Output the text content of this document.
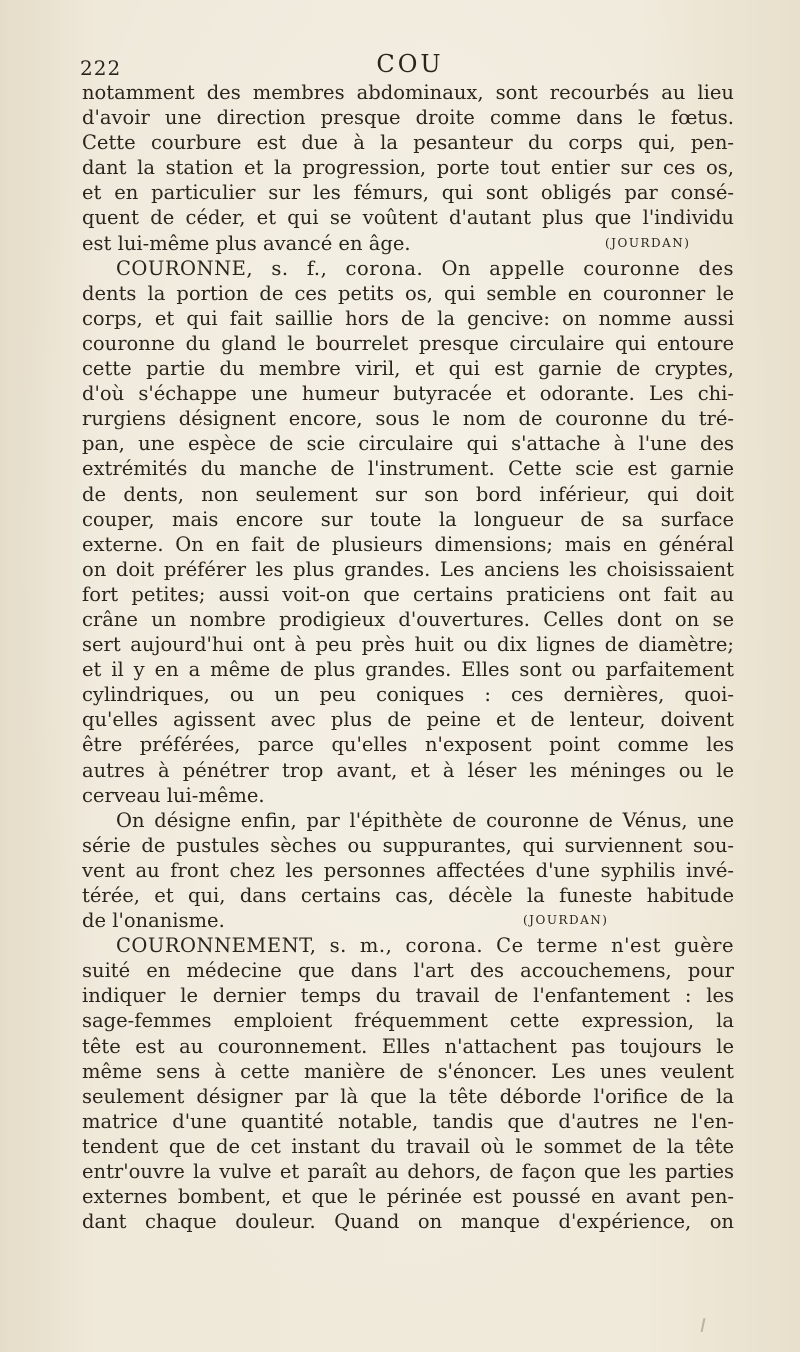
222	COU
notamment des membres abdominaux, sont recourbés au lieu
d'avoir une direction presque droite comme dans le fœtus.
Cette courbure est due à la pesanteur du corps qui, pen-
dant la station et la progression, porte tout entier sur ces os,
et en particulier sur les fémurs, qui sont obligés par consé-
quent de céder, et qui se voûtent d'autant plus que l'individu
est lui-même plus avancé en âge.	(JOURDAN)
COURONNE, s. f., corona. On appelle couronne des
dents la portion de ces petits os, qui semble en couronner le
corps, et qui fait saillie hors de la gencive: on nomme aussi
couronne du gland le bourrelet presque circulaire qui entoure
cette partie du membre viril, et qui est garnie de cryptes,
d'où s'échappe une humeur butyracée et odorante. Les chi-
rurgiens désignent encore, sous le nom de couronne du tré-
pan, une espèce de scie circulaire qui s'attache à l'une des
extrémités du manche de l'instrument. Cette scie est garnie
de dents, non seulement sur son bord inférieur, qui doit
couper, mais encore sur toute la longueur de sa surface
externe. On en fait de plusieurs dimensions; mais en général
on doit préférer les plus grandes. Les anciens les choisissaient
fort petites; aussi voit-on que certains praticiens ont fait au
crâne un nombre prodigieux d'ouvertures. Celles dont on se
sert aujourd'hui ont à peu près huit ou dix lignes de diamètre;
et il y en a même de plus grandes. Elles sont ou parfaitement
cylindriques, ou un peu coniques : ces dernières, quoi-
qu'elles agissent avec plus de peine et de lenteur, doivent
être préférées, parce qu'elles n'exposent point comme les
autres à pénétrer trop avant, et à léser les méninges ou le
cerveau lui-même.
On désigne enfin, par l'épithète de couronne de Vénus, une
série de pustules sèches ou suppurantes, qui surviennent sou-
vent au front chez les personnes affectées d'une syphilis invé-
térée, et qui, dans certains cas, décèle la funeste habitude
de l'onanisme.	(JOURDAN)
COURONNEMENT, s. m., corona. Ce terme n'est guère
suité en médecine que dans l'art des accouchemens, pour
indiquer le dernier temps du travail de l'enfantement : les
sage-femmes emploient fréquemment cette expression, la
tête est au couronnement. Elles n'attachent pas toujours le
même sens à cette manière de s'énoncer. Les unes veulent
seulement désigner par là que la tête déborde l'orifice de la
matrice d'une quantité notable, tandis que d'autres ne l'en-
tendent que de cet instant du travail où le sommet de la tête
entr'ouvre la vulve et paraît au dehors, de façon que les parties
externes bombent, et que le périnée est poussé en avant pen-
dant chaque douleur. Quand on manque d'expérience, on
